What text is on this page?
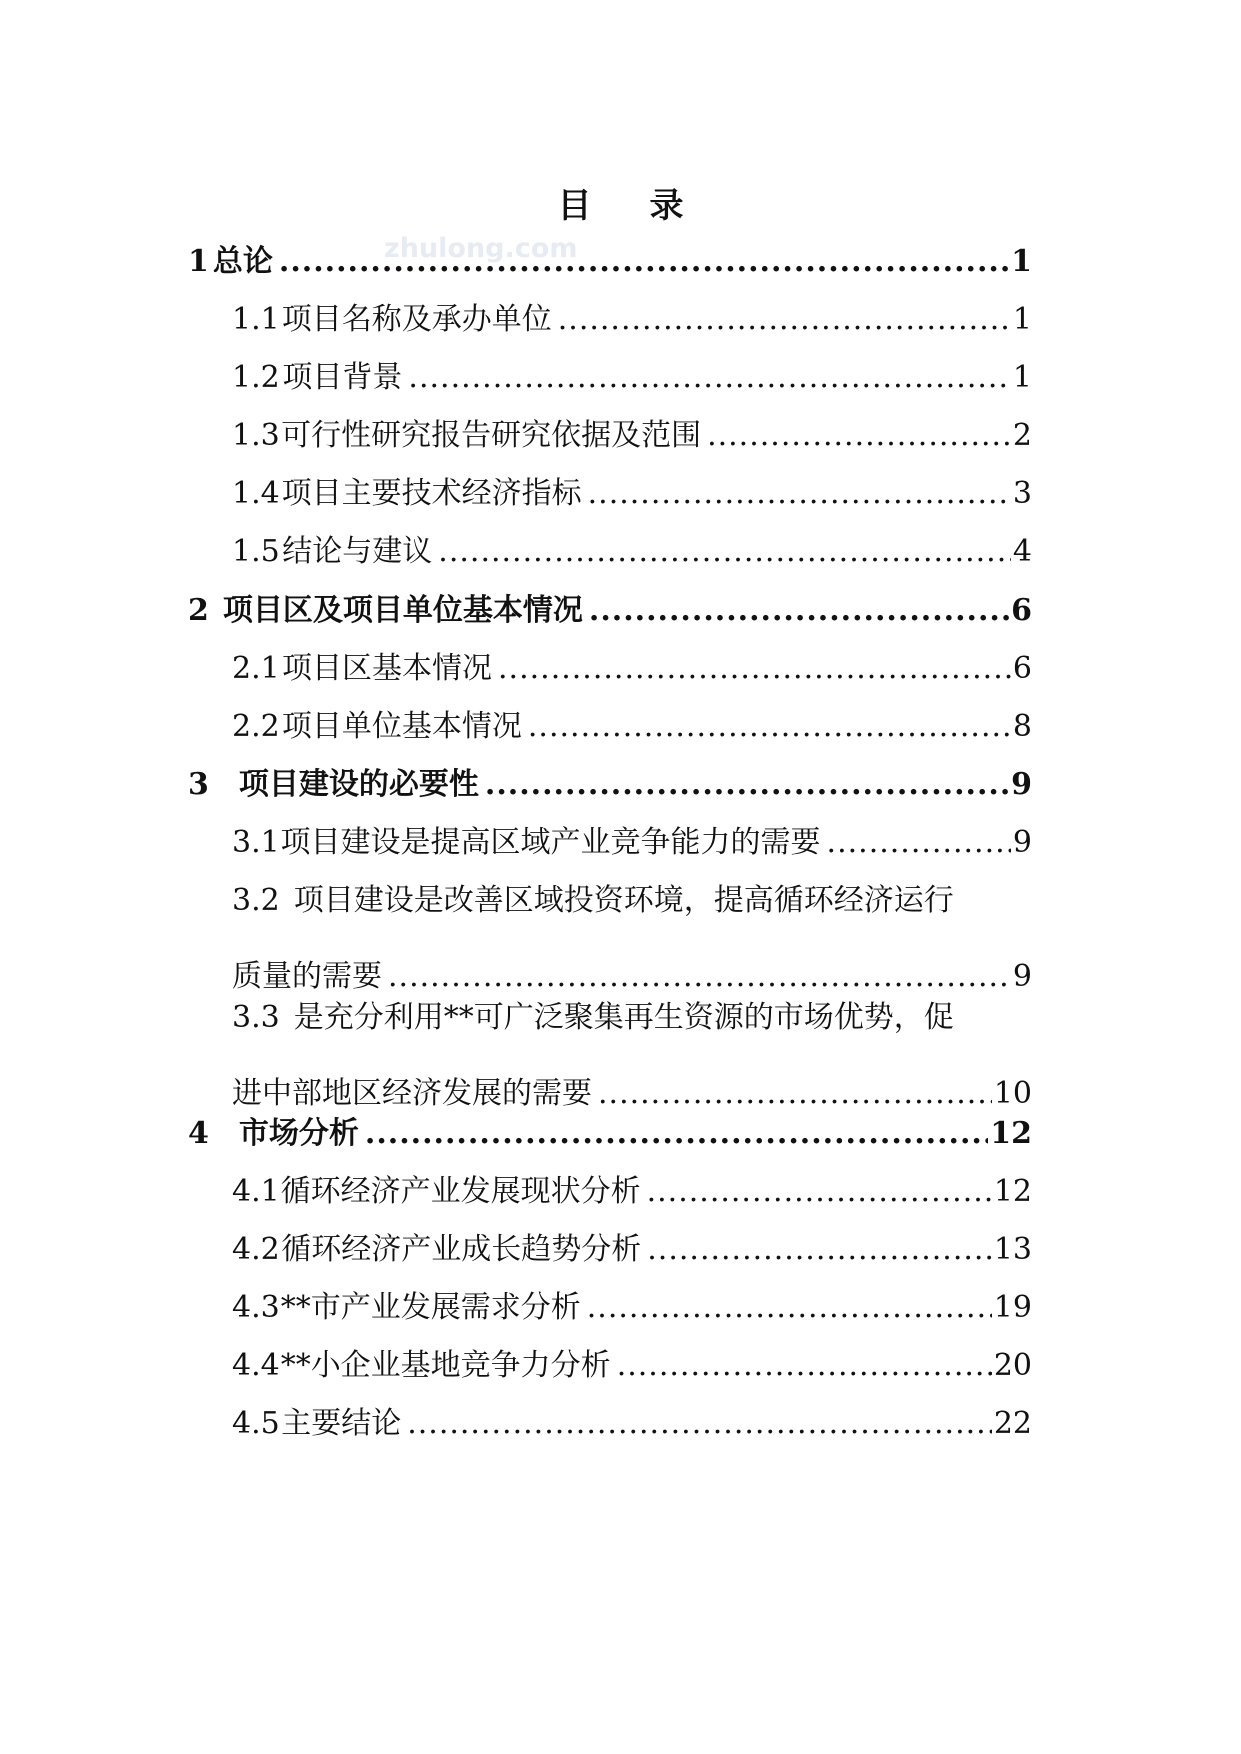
目 录
zhulong.com
1 总论 .....	1
1.1 项目名称及承办单位 .....	1
1.2 项目背景 .....	1
1.3 可行性研究报告研究依据及范围 .....	2
1.4 项目主要技术经济指标 .....	3
1.5 结论与建议 .....	4
2 项目区及项目单位基本情况 .....	6
2.1 项目区基本情况 .....	6
2.2 项目单位基本情况 .....	8
3 项目建设的必要性 .....	9
3.1 项目建设是提高区域产业竞争能力的需要 .....	9
3.2 项目建设是改善区域投资环境，提高循环经济运行
质量的需要 .....	9
3.3 是充分利用**可广泛聚集再生资源的市场优势，促
进中部地区经济发展的需要 .....	10
4 市场分析 .....	12
4.1 循环经济产业发展现状分析 .....	12
4.2 循环经济产业成长趋势分析 .....	13
4.3 **市产业发展需求分析 .....	19
4.4 **小企业基地竞争力分析 .....	20
4.5 主要结论 .....	22
